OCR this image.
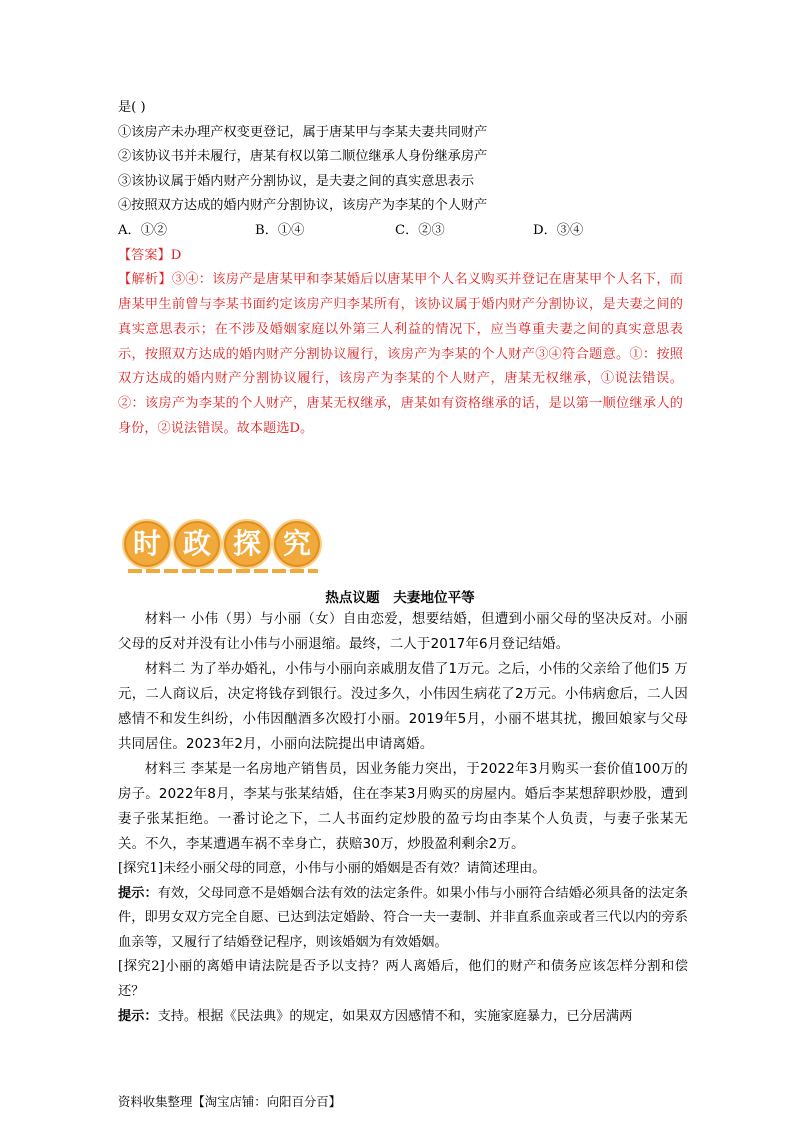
是( )
①该房产未办理产权变更登记，属于唐某甲与李某夫妻共同财产
②该协议书并未履行，唐某有权以第二顺位继承人身份继承房产
③该协议属于婚内财产分割协议，是夫妻之间的真实意思表示
④按照双方达成的婚内财产分割协议，该房产为李某的个人财产
A．①②	B．①④	C．②③	D．③④
【答案】D
【解析】③④：该房产是唐某甲和李某婚后以唐某甲个人名义购买并登记在唐某甲个人名下，而唐某甲生前曾与李某书面约定该房产归李某所有，该协议属于婚内财产分割协议，是夫妻之间的真实意思表示；在不涉及婚姻家庭以外第三人利益的情况下，应当尊重夫妻之间的真实意思表示，按照双方达成的婚内财产分割协议履行，该房产为李某的个人财产③④符合题意。①：按照双方达成的婚内财产分割协议履行，该房产为李某的个人财产，唐某无权继承，①说法错误。②：该房产为李某的个人财产，唐某无权继承，唐某如有资格继承的话，是以第一顺位继承人的身份，②说法错误。故本题选D。
时 政 探 究
热点议题　夫妻地位平等
材料一 小伟（男）与小丽（女）自由恋爱，想要结婚，但遭到小丽父母的坚决反对。小丽父母的反对并没有让小伟与小丽退缩。最终，二人于2017年6月登记结婚。
材料二 为了举办婚礼，小伟与小丽向亲戚朋友借了1万元。之后，小伟的父亲给了他们5 万元，二人商议后，决定将钱存到银行。没过多久，小伟因生病花了2万元。小伟病愈后，二人因感情不和发生纠纷，小伟因酗酒多次殴打小丽。2019年5月，小丽不堪其扰，搬回娘家与父母共同居住。2023年2月，小丽向法院提出申请离婚。
材料三 李某是一名房地产销售员，因业务能力突出，于2022年3月购买一套价值100万的房子。2022年8月，李某与张某结婚，住在李某3月购买的房屋内。婚后李某想辞职炒股，遭到妻子张某拒绝。一番讨论之下，二人书面约定炒股的盈亏均由李某个人负责，与妻子张某无关。不久，李某遭遇车祸不幸身亡，获赔30万，炒股盈利剩余2万。
[探究1]未经小丽父母的同意，小伟与小丽的婚姻是否有效？请简述理由。
提示：有效，父母同意不是婚姻合法有效的法定条件。如果小伟与小丽符合结婚必须具备的法定条件，即男女双方完全自愿、已达到法定婚龄、符合一夫一妻制、并非直系血亲或者三代以内的旁系血亲等，又履行了结婚登记程序，则该婚姻为有效婚姻。
[探究2]小丽的离婚申请法院是否予以支持？两人离婚后，他们的财产和债务应该怎样分割和偿还？
提示：支持。根据《民法典》的规定，如果双方因感情不和，实施家庭暴力，已分居满两
资料收集整理【淘宝店铺：向阳百分百】
